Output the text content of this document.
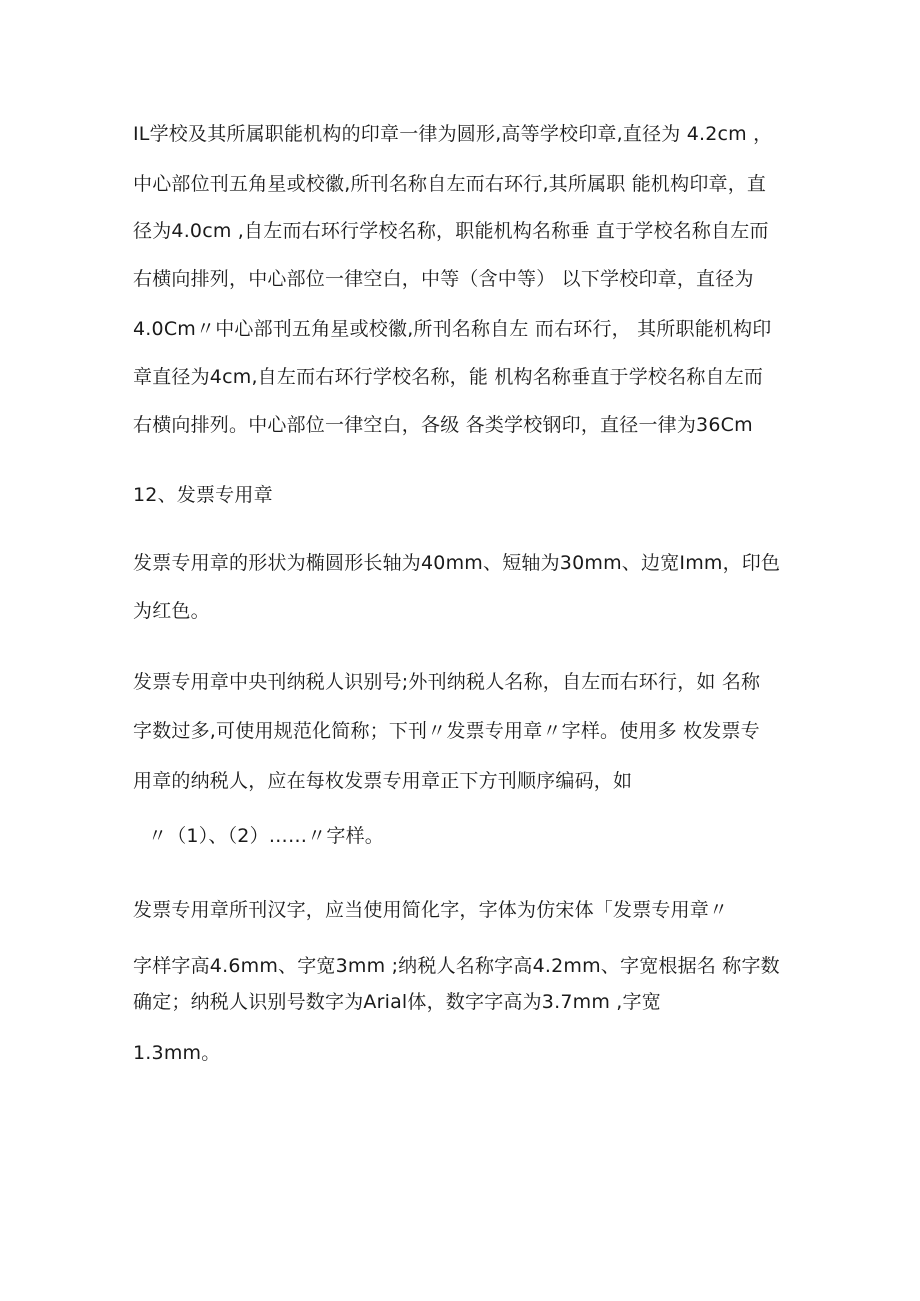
IL学校及其所属职能机构的印章一律为圆形,高等学校印章,直径为 4.2cm ，
中心部位刊五角星或校徽,所刊名称自左而右环行,其所属职 能机构印章，直
径为4.0cm ,自左而右环行学校名称，职能机构名称垂 直于学校名称自左而
右横向排列，中心部位一律空白，中等（含中等） 以下学校印章，直径为
4.0Cm〃中心部刊五角星或校徽,所刊名称自左 而右环行， 其所职能机构印
章直径为4cm,自左而右环行学校名称，能 机构名称垂直于学校名称自左而
右横向排列。中心部位一律空白，各级 各类学校钢印，直径一律为36Cm
12、发票专用章
发票专用章的形状为椭圆形长轴为40mm、短轴为30mm、边宽Imm，印色
为红色。
发票专用章中央刊纳税人识别号;外刊纳税人名称，自左而右环行，如 名称
字数过多,可使用规范化简称；下刊〃发票专用章〃字样。使用多 枚发票专
用章的纳税人，应在每枚发票专用章正下方刊顺序编码，如
〃（1）、（2）……〃字样。
发票专用章所刊汉字，应当使用简化字，字体为仿宋体「发票专用章〃
字样字高4.6mm、字宽3mm ;纳税人名称字高4.2mm、字宽根据名 称字数
确定；纳税人识别号数字为Arial体，数字字高为3.7mm ,字宽
1.3mm。
